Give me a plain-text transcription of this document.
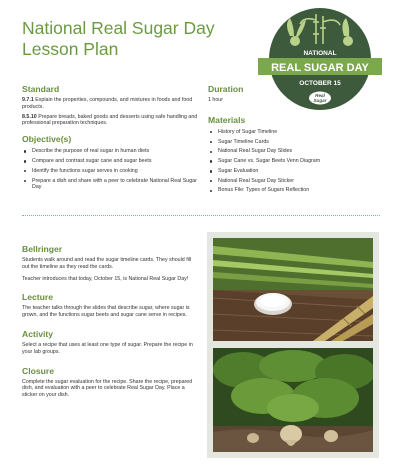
National Real Sugar Day
Lesson Plan	NATIONAL
REAL SUGAR DAY
OCTOBER 15
Real
Sugar
Standard

9.7.1 Explain the properties, compounds, and mixtures in foods and food products.

8.5.10 Prepare breads, baked goods and desserts using safe handling and professional preparation techniques.

Objective(s)
Describe the purpose of real sugar in human diets
Compare and contrast sugar cane and sugar beets
Identify the functions sugar serves in cooking
Prepare a dish and share with a peer to celebrate National Real Sugar Day
Duration

1 hour

Materials
History of Sugar Timeline
Sugar Timeline Cards
National Real Sugar Day Slides
Sugar Cane vs. Sugar Beets Venn Diagram
Sugar Evaluation
National Real Sugar Day Sticker
Bonus File: Types of Sugars Reflection
Bellringer

Students walk around and read the sugar timeline cards. They should fill out the timeline as they read the cards.

Teacher introduces that today, October 15, is National Real Sugar Day!

Lecture

The teacher talks through the slides that describe sugar, where sugar is grown, and the functions sugar beets and sugar cane serve in recipes.

Activity

Select a recipe that uses at least one type of sugar. Prepare the recipe in your lab groups.

Closure

Complete the sugar evaluation for the recipe. Share the recipe, prepared dish, and evaluation with a peer to celebrate Real Sugar Day. Place a sticker on your dish.
